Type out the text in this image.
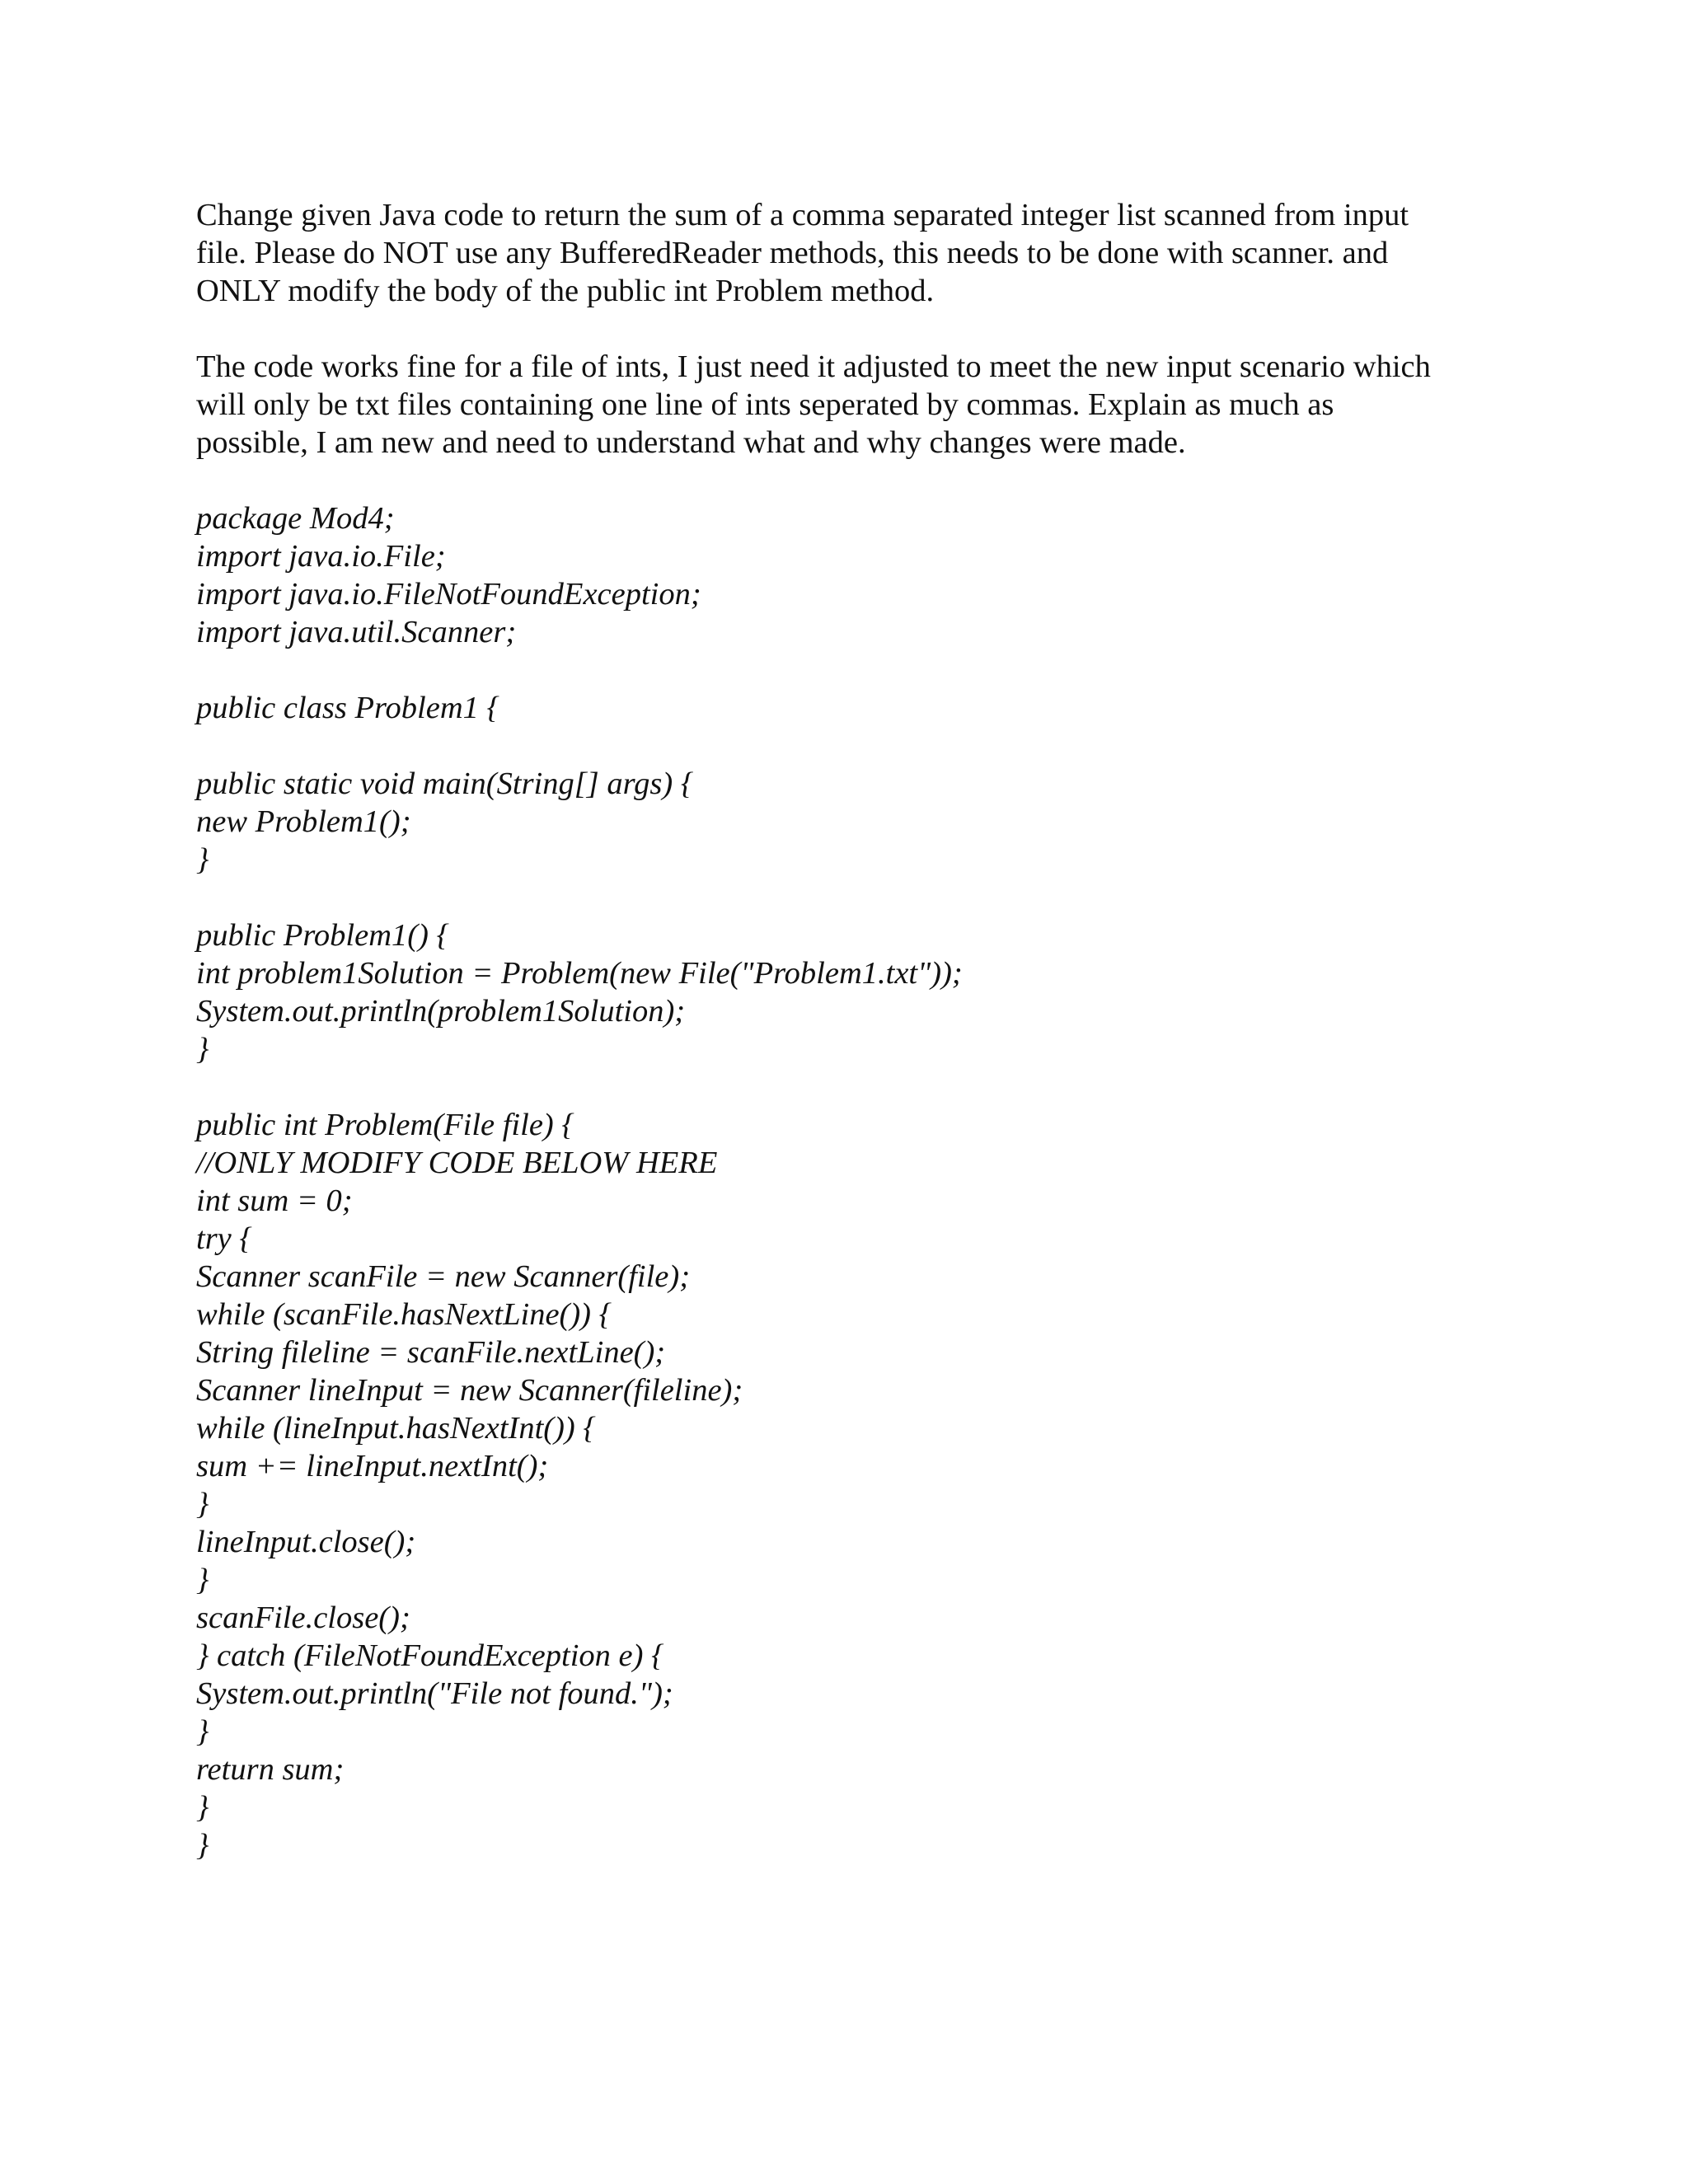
Change given Java code to return the sum of a comma separated integer list scanned from input
file. Please do NOT use any BufferedReader methods, this needs to be done with scanner. and
ONLY modify the body of the public int Problem method.
The code works fine for a file of ints, I just need it adjusted to meet the new input scenario which
will only be txt files containing one line of ints seperated by commas. Explain as much as
possible, I am new and need to understand what and why changes were made.
package Mod4;
import java.io.File;
import java.io.FileNotFoundException;
import java.util.Scanner;
public class Problem1 {
public static void main(String[] args) {
new Problem1();
}
public Problem1() {
int problem1Solution = Problem(new File("Problem1.txt"));
System.out.println(problem1Solution);
}
public int Problem(File file) {
//ONLY MODIFY CODE BELOW HERE
int sum = 0;
try {
Scanner scanFile = new Scanner(file);
while (scanFile.hasNextLine()) {
String fileline = scanFile.nextLine();
Scanner lineInput = new Scanner(fileline);
while (lineInput.hasNextInt()) {
sum += lineInput.nextInt();
}
lineInput.close();
}
scanFile.close();
} catch (FileNotFoundException e) {
System.out.println("File not found.");
}
return sum;
}
}
